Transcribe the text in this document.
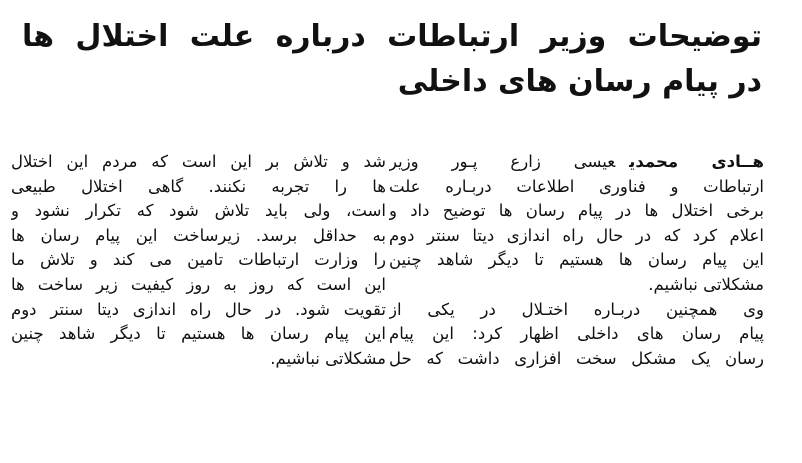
توضیحات وزیر ارتباطات درباره علت اختلال ها
در پیام رسان های داخلی
هــادی محمدیعیسی زارع پـور وزیر
ارتباطات و فناوری اطلاعات دربـاره علت
برخی اختلال ها در پیام رسان ها توضیح داد و
اعلام کرد که در حال راه اندازی دیتا سنتر دوم
این پیام رسان ها هستیم تا دیگر شاهد چنین
مشکلاتی نباشیم.
وی همچنین دربـاره اختـلال در یکی از
پیام رسان های داخلی اظهار کرد: این پیام
رسان یک مشکل سخت افزاری داشت که حل
شد و تلاش بر این است که مردم این اختلال
ها را تجربه نکنند. گاهی اختلال طبیعی
است، ولی باید تلاش شود که تکرار نشود و
به حداقل برسد. زیرساخت این پیام رسان ها
را وزارت ارتباطات تامین می کند و تلاش ما
این است که روز به روز کیفیت زیر ساخت ها
تقویت شود. در حال راه اندازی دیتا سنتر دوم
این پیام رسان ها هستیم تا دیگر شاهد چنین
مشکلاتی نباشیم.
